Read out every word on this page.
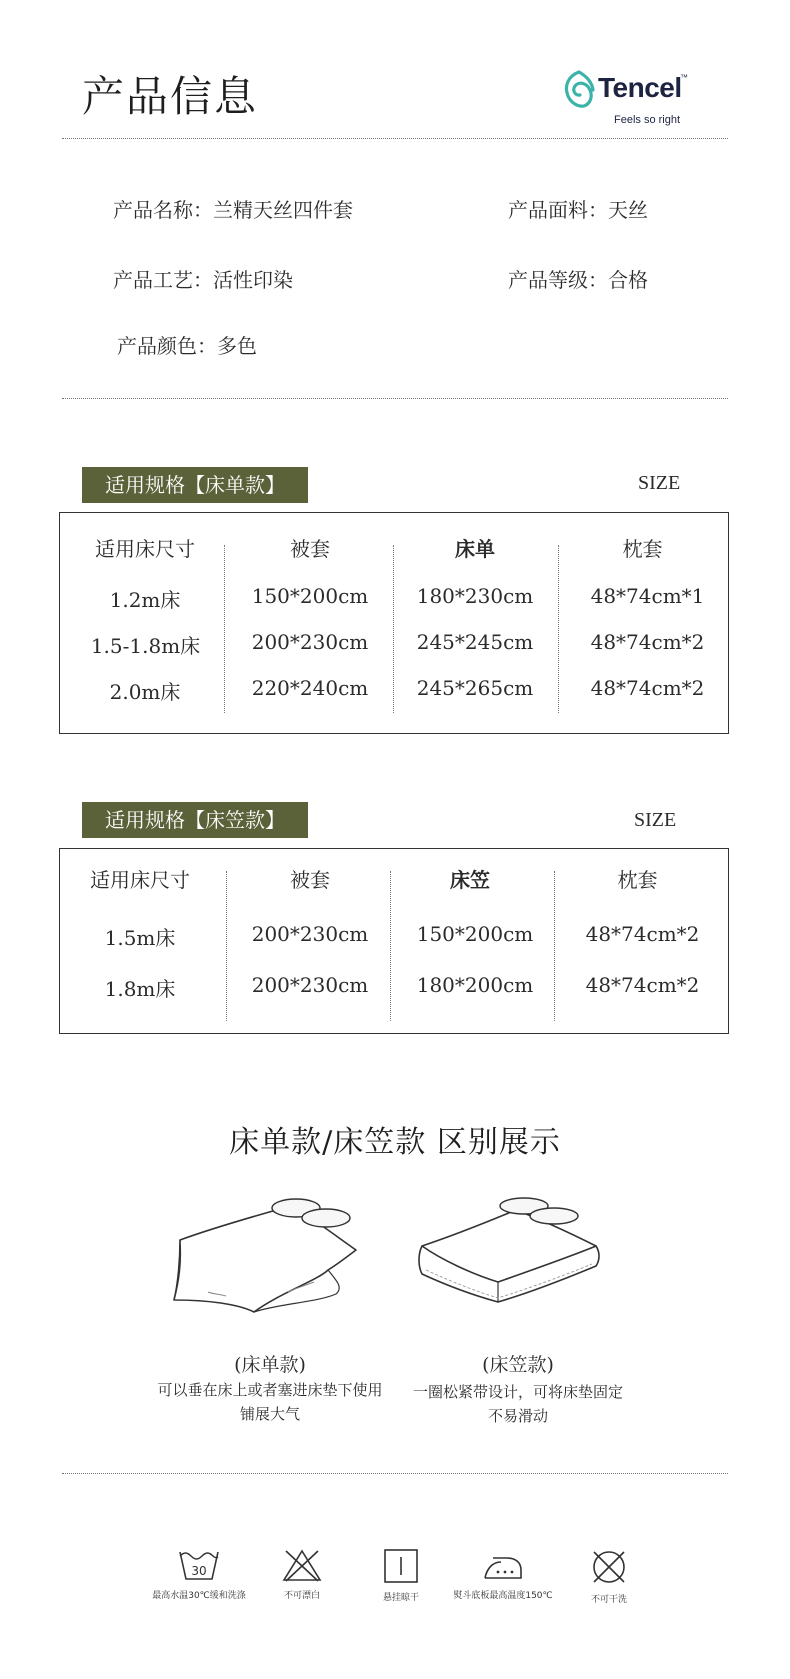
产品信息	Tencel
™
Feels so right
产品名称：兰精天丝四件套	产品面料：天丝
产品工艺：活性印染	产品等级：合格
产品颜色：多色
适用规格【床单款】	SIZE
适用床尺寸	被套	床单	枕套
1.2m床	150*200cm	180*230cm	48*74cm*1
1.5-1.8m床	200*230cm	245*245cm	48*74cm*2
2.0m床	220*240cm	245*265cm	48*74cm*2
适用规格【床笠款】	SIZE
适用床尺寸	被套	床笠	枕套
1.5m床	200*230cm	150*200cm	48*74cm*2
1.8m床	200*230cm	180*200cm	48*74cm*2
床单款/床笠款 区别展示
(床单款)
可以垂在床上或者塞进床垫下使用
铺展大气
(床笠款)
一圈松紧带设计，可将床垫固定
不易滑动
30
最高水温30℃缓和洗涤	不可漂白	悬挂晾干	熨斗底板最高温度150℃	不可干洗
